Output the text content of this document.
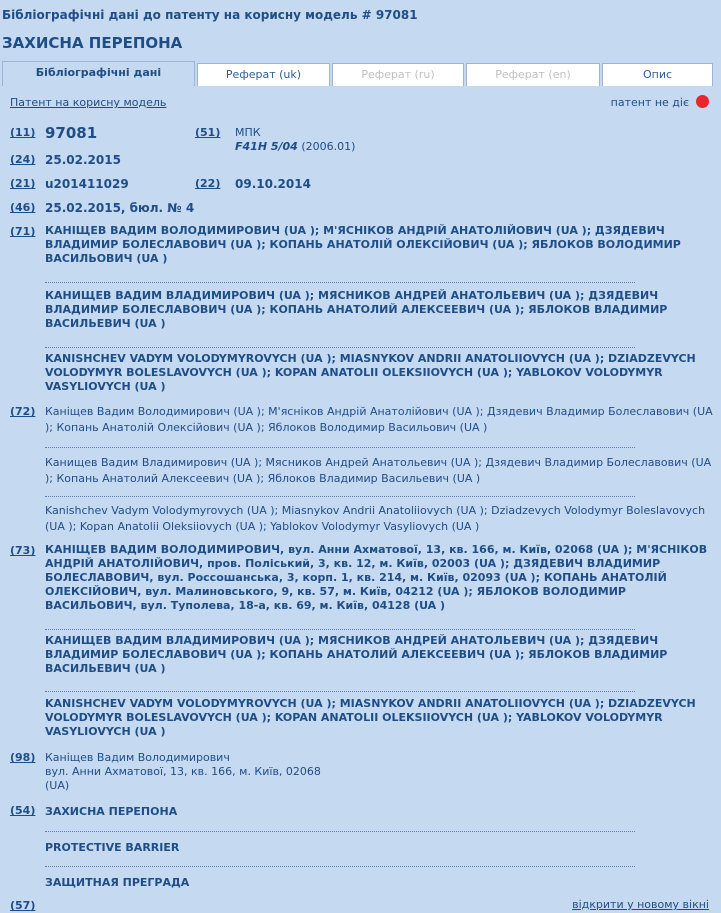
Бібліографічні дані до патенту на корисну модель # 97081
ЗАХИСНА ПЕРЕПОНА
Бібліографічні дані	Реферат (uk)	Реферат (ru)	Реферат (en)	Опис
Патент на корисну модель	патент не діє
(11) 97081	(51) МПК
F41H 5/04 (2006.01)
(24) 25.02.2015
(21) u201411029	(22) 09.10.2014
(46) 25.02.2015, бюл. № 4
(71) КАНІЩЕВ ВАДИМ ВОЛОДИМИРОВИЧ (UA ); М'ЯСНІКОВ АНДРІЙ АНАТОЛІЙОВИЧ (UA ); ДЗЯДЕВИЧ ВЛАДИМИР БОЛЕСЛАВОВИЧ (UA ); КОПАНЬ АНАТОЛІЙ ОЛЕКСІЙОВИЧ (UA ); ЯБЛОКОВ ВОЛОДИМИР ВАСИЛЬОВИЧ (UA )
КАНИЩЕВ ВАДИМ ВЛАДИМИРОВИЧ (UA ); МЯСНИКОВ АНДРЕЙ АНАТОЛЬЕВИЧ (UA ); ДЗЯДЕВИЧ ВЛАДИМИР БОЛЕСЛАВОВИЧ (UA ); КОПАНЬ АНАТОЛИЙ АЛЕКСЕЕВИЧ (UA ); ЯБЛОКОВ ВЛАДИМИР ВАСИЛЬЕВИЧ (UA )
KANISHCHEV VADYM VOLODYMYROVYCH (UA ); MIASNYKOV ANDRII ANATOLIIOVYCH (UA ); DZIADZEVYCH VOLODYMYR BOLESLAVOVYCH (UA ); KOPAN ANATOLII OLEKSIIOVYCH (UA ); YABLOKOV VOLODYMYR VASYLIOVYCH (UA )
(72) Каніщев Вадим Володимирович (UA ); М'ясніков Андрій Анатолійович (UA ); Дзядевич Владимир Болеславович (UA ); Копань Анатолій Олексійович (UA ); Яблоков Володимир Васильович (UA )
Канищев Вадим Владимирович (UA ); Мясников Андрей Анатольевич (UA ); Дзядевич Владимир Болеславович (UA ); Копань Анатолий Алексеевич (UA ); Яблоков Владимир Васильевич (UA )
Kanishchev Vadym Volodymyrovych (UA ); Miasnykov Andrii Anatoliiovych (UA ); Dziadzevych Volodymyr Boleslavovych (UA ); Kopan Anatolii Oleksiiovych (UA ); Yablokov Volodymyr Vasyliovych (UA )
(73) КАНІЩЕВ ВАДИМ ВОЛОДИМИРОВИЧ, вул. Анни Ахматової, 13, кв. 166, м. Київ, 02068 (UA ); М'ЯСНІКОВ АНДРІЙ АНАТОЛІЙОВИЧ, пров. Поліський, 3, кв. 12, м. Київ, 02003 (UA ); ДЗЯДЕВИЧ ВЛАДИМИР БОЛЕСЛАВОВИЧ, вул. Россошанська, 3, корп. 1, кв. 214, м. Київ, 02093 (UA ); КОПАНЬ АНАТОЛІЙ ОЛЕКСІЙОВИЧ, вул. Малиновського, 9, кв. 57, м. Київ, 04212 (UA ); ЯБЛОКОВ ВОЛОДИМИР ВАСИЛЬОВИЧ, вул. Туполева, 18-а, кв. 69, м. Київ, 04128 (UA )
КАНИЩЕВ ВАДИМ ВЛАДИМИРОВИЧ (UA ); МЯСНИКОВ АНДРЕЙ АНАТОЛЬЕВИЧ (UA ); ДЗЯДЕВИЧ ВЛАДИМИР БОЛЕСЛАВОВИЧ (UA ); КОПАНЬ АНАТОЛИЙ АЛЕКСЕЕВИЧ (UA ); ЯБЛОКОВ ВЛАДИМИР ВАСИЛЬЕВИЧ (UA )
KANISHCHEV VADYM VOLODYMYROVYCH (UA ); MIASNYKOV ANDRII ANATOLIIOVYCH (UA ); DZIADZEVYCH VOLODYMYR BOLESLAVOVYCH (UA ); KOPAN ANATOLII OLEKSIIOVYCH (UA ); YABLOKOV VOLODYMYR VASYLIOVYCH (UA )
(98) Каніщев Вадим Володимирович
вул. Анни Ахматової, 13, кв. 166, м. Київ, 02068
(UA)
(54) ЗАХИСНА ПЕРЕПОНА
PROTECTIVE BARRIER
ЗАЩИТНАЯ ПРЕГРАДА
(57)	відкрити у новому вікні
